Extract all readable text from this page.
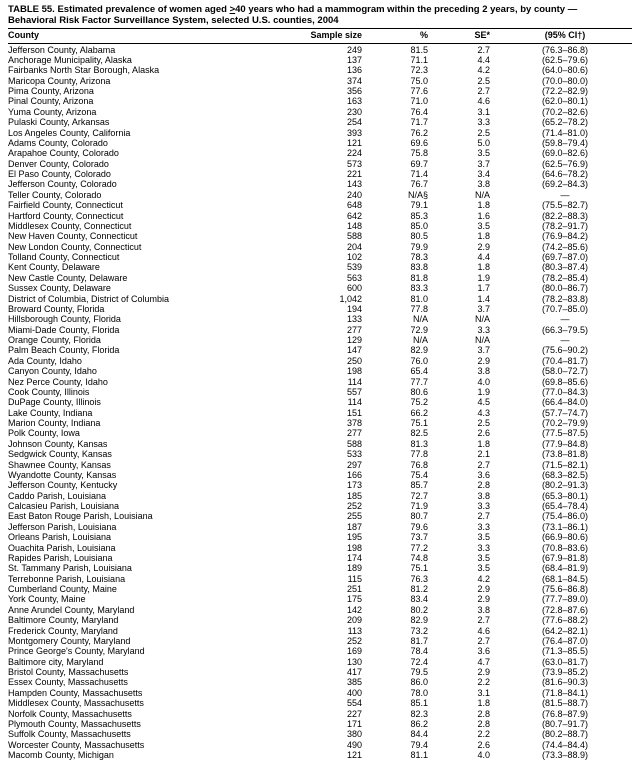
TABLE 55. Estimated prevalence of women aged ≥40 years who had a mammogram within the preceding 2 years, by county —
Behavioral Risk Factor Surveillance System, selected U.S. counties, 2004
County	Sample size	%	SE*	(95% CI†)
Jefferson County, Alabama	249	81.5	2.7	(76.3–86.8)
Anchorage Municipality, Alaska	137	71.1	4.4	(62.5–79.6)
Fairbanks North Star Borough, Alaska	136	72.3	4.2	(64.0–80.6)
Maricopa County, Arizona	374	75.0	2.5	(70.0–80.0)
Pima County, Arizona	356	77.6	2.7	(72.2–82.9)
Pinal County, Arizona	163	71.0	4.6	(62.0–80.1)
Yuma County, Arizona	230	76.4	3.1	(70.2–82.6)
Pulaski County, Arkansas	254	71.7	3.3	(65.2–78.2)
Los Angeles County, California	393	76.2	2.5	(71.4–81.0)
Adams County, Colorado	121	69.6	5.0	(59.8–79.4)
Arapahoe County, Colorado	224	75.8	3.5	(69.0–82.6)
Denver County, Colorado	573	69.7	3.7	(62.5–76.9)
El Paso County, Colorado	221	71.4	3.4	(64.6–78.2)
Jefferson County, Colorado	143	76.7	3.8	(69.2–84.3)
Teller County, Colorado	240	N/A§	N/A	—
Fairfield County, Connecticut	648	79.1	1.8	(75.5–82.7)
Hartford County, Connecticut	642	85.3	1.6	(82.2–88.3)
Middlesex County, Connecticut	148	85.0	3.5	(78.2–91.7)
New Haven County, Connecticut	588	80.5	1.8	(76.9–84.2)
New London County, Connecticut	204	79.9	2.9	(74.2–85.6)
Tolland County, Connecticut	102	78.3	4.4	(69.7–87.0)
Kent County, Delaware	539	83.8	1.8	(80.3–87.4)
New Castle County, Delaware	563	81.8	1.9	(78.2–85.4)
Sussex County, Delaware	600	83.3	1.7	(80.0–86.7)
District of Columbia, District of Columbia	1,042	81.0	1.4	(78.2–83.8)
Broward County, Florida	194	77.8	3.7	(70.7–85.0)
Hillsborough County, Florida	133	N/A	N/A	—
Miami-Dade County, Florida	277	72.9	3.3	(66.3–79.5)
Orange County, Florida	129	N/A	N/A	—
Palm Beach County, Florida	147	82.9	3.7	(75.6–90.2)
Ada County, Idaho	250	76.0	2.9	(70.4–81.7)
Canyon County, Idaho	198	65.4	3.8	(58.0–72.7)
Nez Perce County, Idaho	114	77.7	4.0	(69.8–85.6)
Cook County, Illinois	557	80.6	1.9	(77.0–84.3)
DuPage County, Illinois	114	75.2	4.5	(66.4–84.0)
Lake County, Indiana	151	66.2	4.3	(57.7–74.7)
Marion County, Indiana	378	75.1	2.5	(70.2–79.9)
Polk County, Iowa	277	82.5	2.6	(77.5–87.5)
Johnson County, Kansas	588	81.3	1.8	(77.9–84.8)
Sedgwick County, Kansas	533	77.8	2.1	(73.8–81.8)
Shawnee County, Kansas	297	76.8	2.7	(71.5–82.1)
Wyandotte County, Kansas	166	75.4	3.6	(68.3–82.5)
Jefferson County, Kentucky	173	85.7	2.8	(80.2–91.3)
Caddo Parish, Louisiana	185	72.7	3.8	(65.3–80.1)
Calcasieu Parish, Louisiana	252	71.9	3.3	(65.4–78.4)
East Baton Rouge Parish, Louisiana	255	80.7	2.7	(75.4–86.0)
Jefferson Parish, Louisiana	187	79.6	3.3	(73.1–86.1)
Orleans Parish, Louisiana	195	73.7	3.5	(66.9–80.6)
Ouachita Parish, Louisiana	198	77.2	3.3	(70.8–83.6)
Rapides Parish, Louisiana	174	74.8	3.5	(67.9–81.8)
St. Tammany Parish, Louisiana	189	75.1	3.5	(68.4–81.9)
Terrebonne Parish, Louisiana	115	76.3	4.2	(68.1–84.5)
Cumberland County, Maine	251	81.2	2.9	(75.6–86.8)
York County, Maine	175	83.4	2.9	(77.7–89.0)
Anne Arundel County, Maryland	142	80.2	3.8	(72.8–87.6)
Baltimore County, Maryland	209	82.9	2.7	(77.6–88.2)
Frederick County, Maryland	113	73.2	4.6	(64.2–82.1)
Montgomery County, Maryland	252	81.7	2.7	(76.4–87.0)
Prince George's County, Maryland	169	78.4	3.6	(71.3–85.5)
Baltimore city, Maryland	130	72.4	4.7	(63.0–81.7)
Bristol County, Massachusetts	417	79.5	2.9	(73.9–85.2)
Essex County, Massachusetts	385	86.0	2.2	(81.6–90.3)
Hampden County, Massachusetts	400	78.0	3.1	(71.8–84.1)
Middlesex County, Massachusetts	554	85.1	1.8	(81.5–88.7)
Norfolk County, Massachusetts	227	82.3	2.8	(76.8–87.9)
Plymouth County, Massachusetts	171	86.2	2.8	(80.7–91.7)
Suffolk County, Massachusetts	380	84.4	2.2	(80.2–88.7)
Worcester County, Massachusetts	490	79.4	2.6	(74.4–84.4)
Macomb County, Michigan	121	81.1	4.0	(73.3–88.9)
